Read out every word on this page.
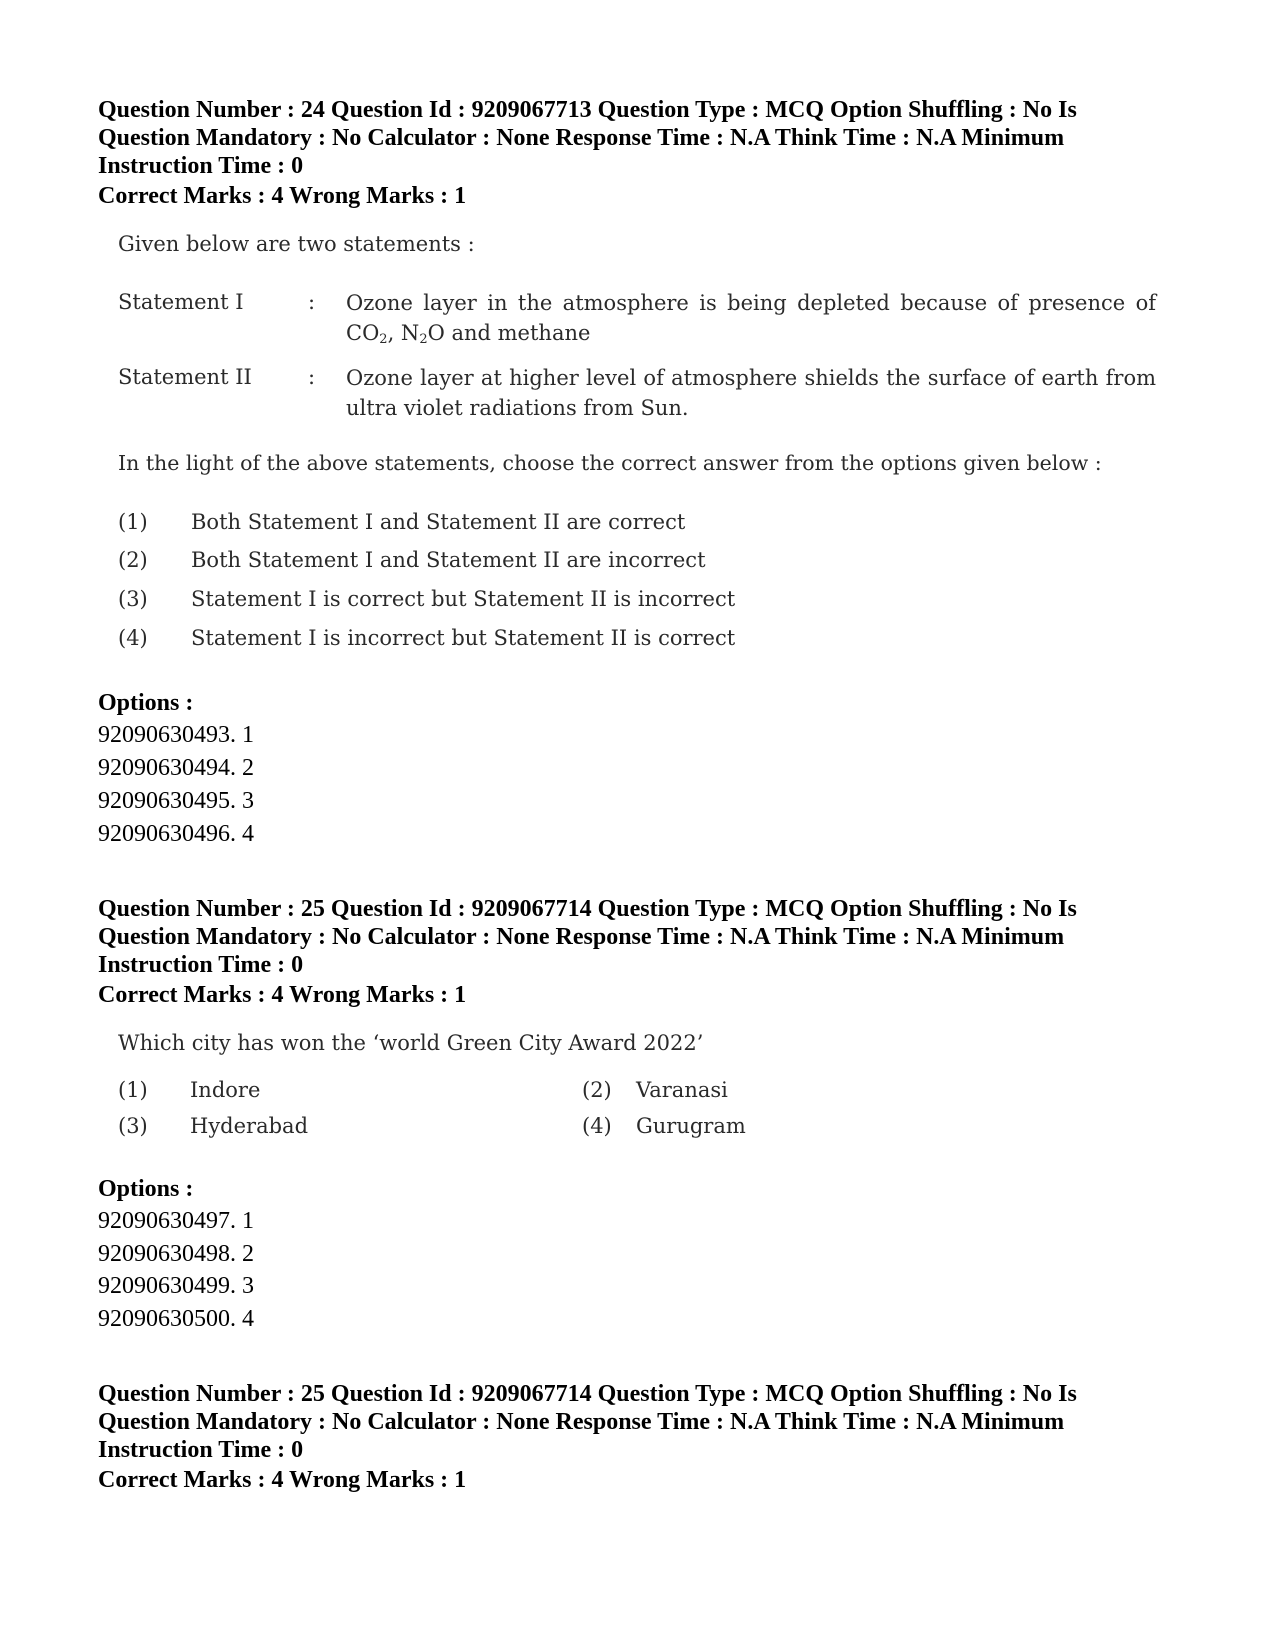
Question Number : 24 Question Id : 9209067713 Question Type : MCQ Option Shuffling : No Is Question Mandatory : No Calculator : None Response Time : N.A Think Time : N.A Minimum Instruction Time : 0
Correct Marks : 4 Wrong Marks : 1
Given below are two statements :
Statement I	: Ozone layer in the atmosphere is being depleted because of presence of $CO_2$, $N_2O$ and methane
Statement II	: Ozone layer at higher level of atmosphere shields the surface of earth from ultra violet radiations from Sun.
In the light of the above statements, choose the correct answer from the options given below :
(1) Both Statement I and Statement II are correct
(2) Both Statement I and Statement II are incorrect
(3) Statement I is correct but Statement II is incorrect
(4) Statement I is incorrect but Statement II is correct
Options :
92090630493. 1
92090630494. 2
92090630495. 3
92090630496. 4
Question Number : 25 Question Id : 9209067714 Question Type : MCQ Option Shuffling : No Is Question Mandatory : No Calculator : None Response Time : N.A Think Time : N.A Minimum Instruction Time : 0
Correct Marks : 4 Wrong Marks : 1
Which city has won the ‘world Green City Award 2022’
(1) Indore	(2) Varanasi
(3) Hyderabad	(4) Gurugram
Options :
92090630497. 1
92090630498. 2
92090630499. 3
92090630500. 4
Question Number : 25 Question Id : 9209067714 Question Type : MCQ Option Shuffling : No Is Question Mandatory : No Calculator : None Response Time : N.A Think Time : N.A Minimum Instruction Time : 0
Correct Marks : 4 Wrong Marks : 1
